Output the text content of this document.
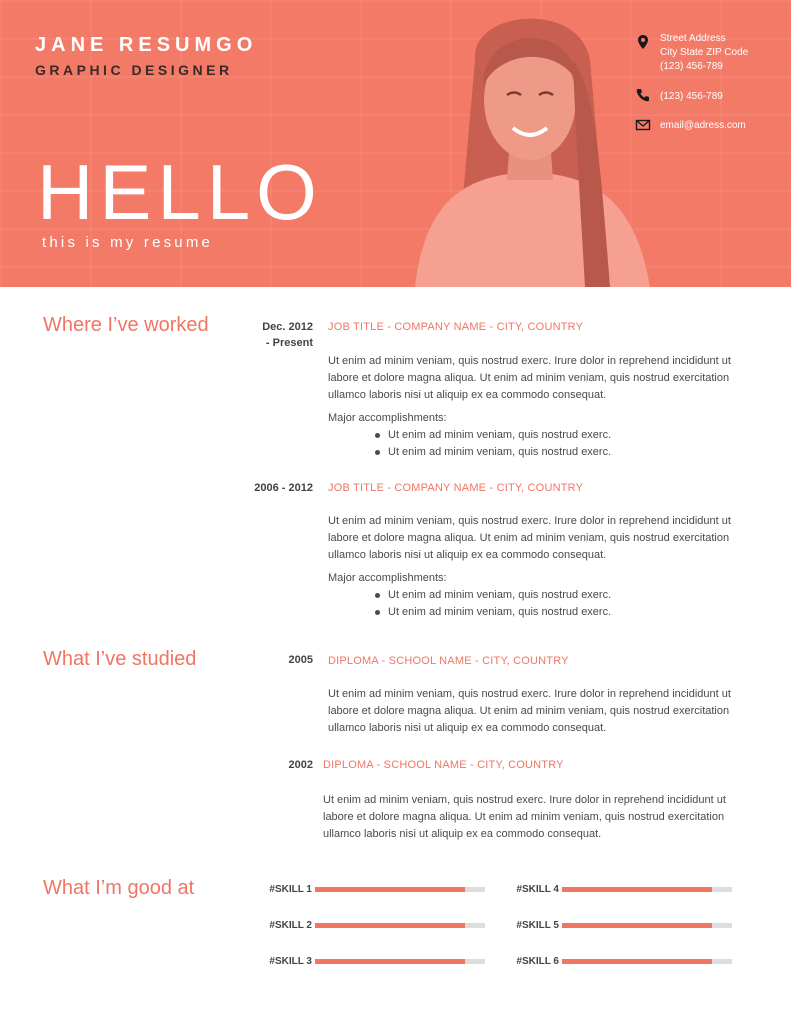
JANE RESUMGO
GRAPHIC DESIGNER
HELLO
this is my resume
Street Address
City State ZIP Code
(123) 456-789
(123) 456-789
email@adress.com
Where I’ve worked	Dec. 2012
- Present
JOB TITLE - COMPANY NAME - CITY, COUNTRY
Ut enim ad minim veniam, quis nostrud exerc. Irure dolor in reprehend incididunt ut labore et dolore magna aliqua. Ut enim ad minim veniam, quis nostrud exercitation ullamco laboris nisi ut aliquip ex ea commodo consequat.
Major accomplishments:
Ut enim ad minim veniam, quis nostrud exerc.
Ut enim ad minim veniam, quis nostrud exerc.
2006 - 2012 JOB TITLE - COMPANY NAME - CITY, COUNTRY
Ut enim ad minim veniam, quis nostrud exerc. Irure dolor in reprehend incididunt ut labore et dolore magna aliqua. Ut enim ad minim veniam, quis nostrud exercitation ullamco laboris nisi ut aliquip ex ea commodo consequat.
Major accomplishments:
Ut enim ad minim veniam, quis nostrud exerc.
Ut enim ad minim veniam, quis nostrud exerc.
What I’ve studied	2005 DIPLOMA - SCHOOL NAME - CITY, COUNTRY
Ut enim ad minim veniam, quis nostrud exerc. Irure dolor in reprehend incididunt ut labore et dolore magna aliqua. Ut enim ad minim veniam, quis nostrud exercitation ullamco laboris nisi ut aliquip ex ea commodo consequat.
2002 DIPLOMA - SCHOOL NAME - CITY, COUNTRY
Ut enim ad minim veniam, quis nostrud exerc. Irure dolor in reprehend incididunt ut labore et dolore magna aliqua. Ut enim ad minim veniam, quis nostrud exercitation ullamco laboris nisi ut aliquip ex ea commodo consequat.
What I’m good at	#SKILL 1
#SKILL 2
#SKILL 3
#SKILL 4
#SKILL 5
#SKILL 6
